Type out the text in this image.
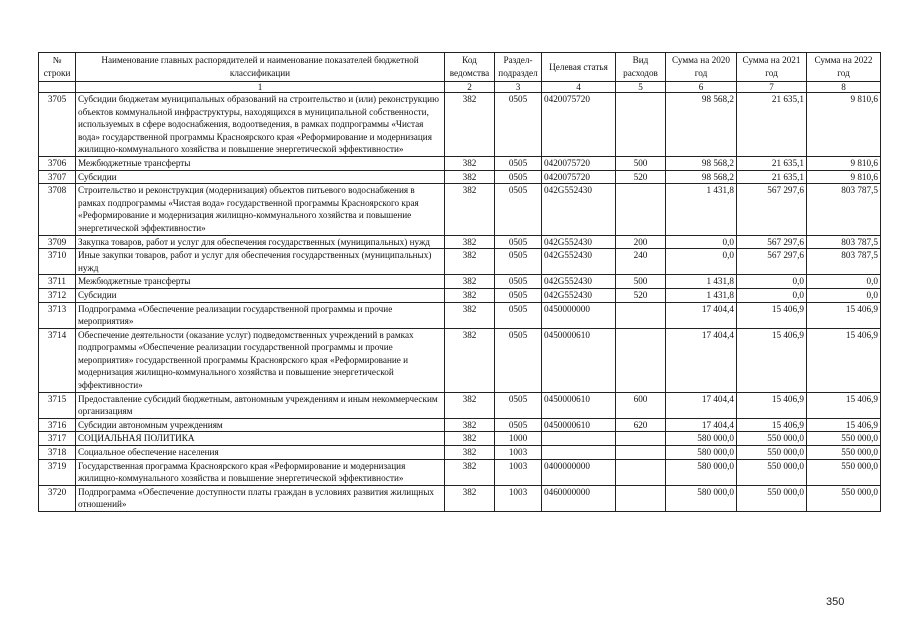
№ строки	Наименование главных распорядителей и наименование показателей бюджетной классификации	Код ведомства	Раздел-подраздел	Целевая статья	Вид расходов	Сумма на 2020 год	Сумма на 2021 год	Сумма на 2022 год
	1	2	3	4	5	6	7	8
3705	Субсидии бюджетам муниципальных образований на строительство и (или) реконструкцию объектов коммунальной инфраструктуры, находящихся в муниципальной собственности, используемых в сфере водоснабжения, водоотведения, в рамках подпрограммы «Чистая вода» государственной программы Красноярского края «Реформирование и модернизация жилищно-коммунального хозяйства и повышение энергетической эффективности»	382	0505	0420075720		98 568,2	21 635,1	9 810,6
3706	Межбюджетные трансферты	382	0505	0420075720	500	98 568,2	21 635,1	9 810,6
3707	Субсидии	382	0505	0420075720	520	98 568,2	21 635,1	9 810,6
3708	Строительство и реконструкция (модернизация) объектов питьевого водоснабжения в рамках подпрограммы «Чистая вода» государственной программы Красноярского края «Реформирование и модернизация жилищно-коммунального хозяйства и повышение энергетической эффективности»	382	0505	042G552430		1 431,8	567 297,6	803 787,5
3709	Закупка товаров, работ и услуг для обеспечения государственных (муниципальных) нужд	382	0505	042G552430	200	0,0	567 297,6	803 787,5
3710	Иные закупки товаров, работ и услуг для обеспечения государственных (муниципальных) нужд	382	0505	042G552430	240	0,0	567 297,6	803 787,5
3711	Межбюджетные трансферты	382	0505	042G552430	500	1 431,8	0,0	0,0
3712	Субсидии	382	0505	042G552430	520	1 431,8	0,0	0,0
3713	Подпрограмма «Обеспечение реализации государственной программы и прочие мероприятия»	382	0505	0450000000		17 404,4	15 406,9	15 406,9
3714	Обеспечение деятельности (оказание услуг) подведомственных учреждений в рамках подпрограммы «Обеспечение реализации государственной программы и прочие мероприятия» государственной программы Красноярского края «Реформирование и модернизация жилищно-коммунального хозяйства и повышение энергетической эффективности»	382	0505	0450000610		17 404,4	15 406,9	15 406,9
3715	Предоставление субсидий бюджетным, автономным учреждениям и иным некоммерческим организациям	382	0505	0450000610	600	17 404,4	15 406,9	15 406,9
3716	Субсидии автономным учреждениям	382	0505	0450000610	620	17 404,4	15 406,9	15 406,9
3717	СОЦИАЛЬНАЯ ПОЛИТИКА	382	1000			580 000,0	550 000,0	550 000,0
3718	Социальное обеспечение населения	382	1003			580 000,0	550 000,0	550 000,0
3719	Государственная программа Красноярского края «Реформирование и модернизация жилищно-коммунального хозяйства и повышение энергетической эффективности»	382	1003	0400000000		580 000,0	550 000,0	550 000,0
3720	Подпрограмма «Обеспечение доступности платы граждан в условиях развития жилищных отношений»	382	1003	0460000000		580 000,0	550 000,0	550 000,0
350
